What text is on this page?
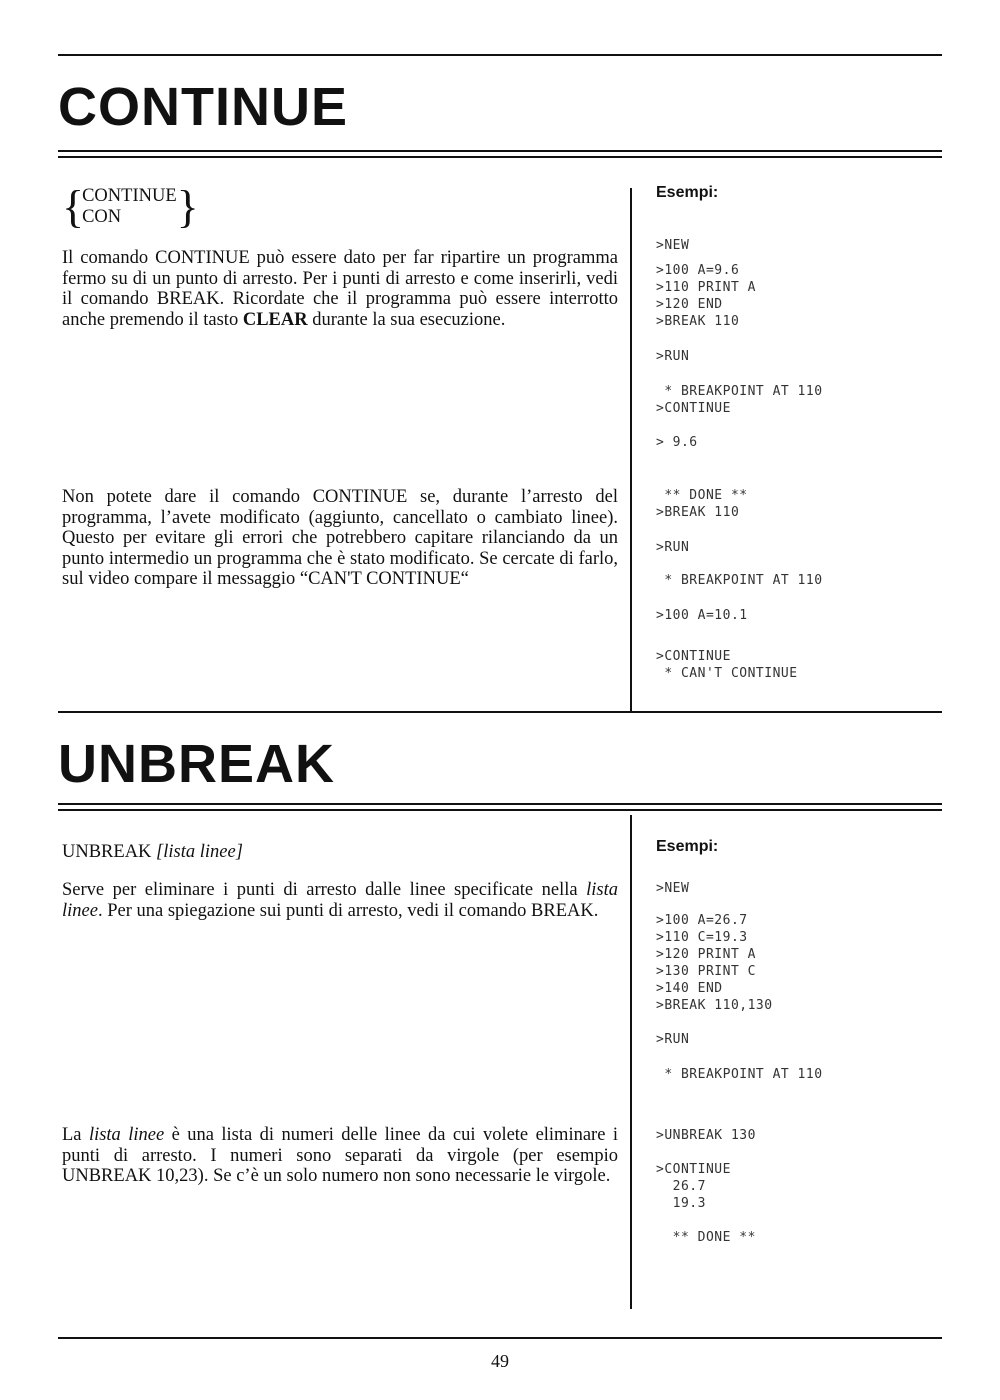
CONTINUE
{
CONTINUE
CON	}

Il comando CONTINUE può essere dato per far ripartire un programma fermo su di un punto di arresto. Per i punti di arresto e come inserirli, vedi il comando BREAK. Ricordate che il programma può essere interrotto anche premendo il tasto CLEAR durante la sua esecuzione.

Non potete dare il comando CONTINUE se, durante l’arresto del programma, l’avete modificato (aggiunto, cancellato o cambiato linee). Questo per evitare gli errori che potrebbero capitare rilanciando da un punto intermedio un programma che è stato modificato. Se cercate di farlo, sul video compare il messaggio “CAN'T CONTINUE“

Esempi:
>NEW
>100 A=9.6
>110 PRINT A
>120 END
>BREAK 110
>RUN
* BREAKPOINT AT 110
>CONTINUE
> 9.6
** DONE **
>BREAK 110
>RUN
* BREAKPOINT AT 110
>100 A=10.1
>CONTINUE
* CAN'T CONTINUE
UNBREAK
UNBREAK [lista linee]

Serve per eliminare i punti di arresto dalle linee specificate nella lista linee. Per una spiegazione sui punti di arresto, vedi il comando BREAK.

La lista linee è una lista di numeri delle linee da cui volete eliminare i punti di arresto. I numeri sono separati da virgole (per esempio UNBREAK 10,23). Se c’è un solo numero non sono necessarie le virgole.

Esempi:
>NEW
>100 A=26.7
>110 C=19.3
>120 PRINT A
>130 PRINT C
>140 END
>BREAK 110,130
>RUN
* BREAKPOINT AT 110
>UNBREAK 130
>CONTINUE
26.7
19.3
** DONE **
49
